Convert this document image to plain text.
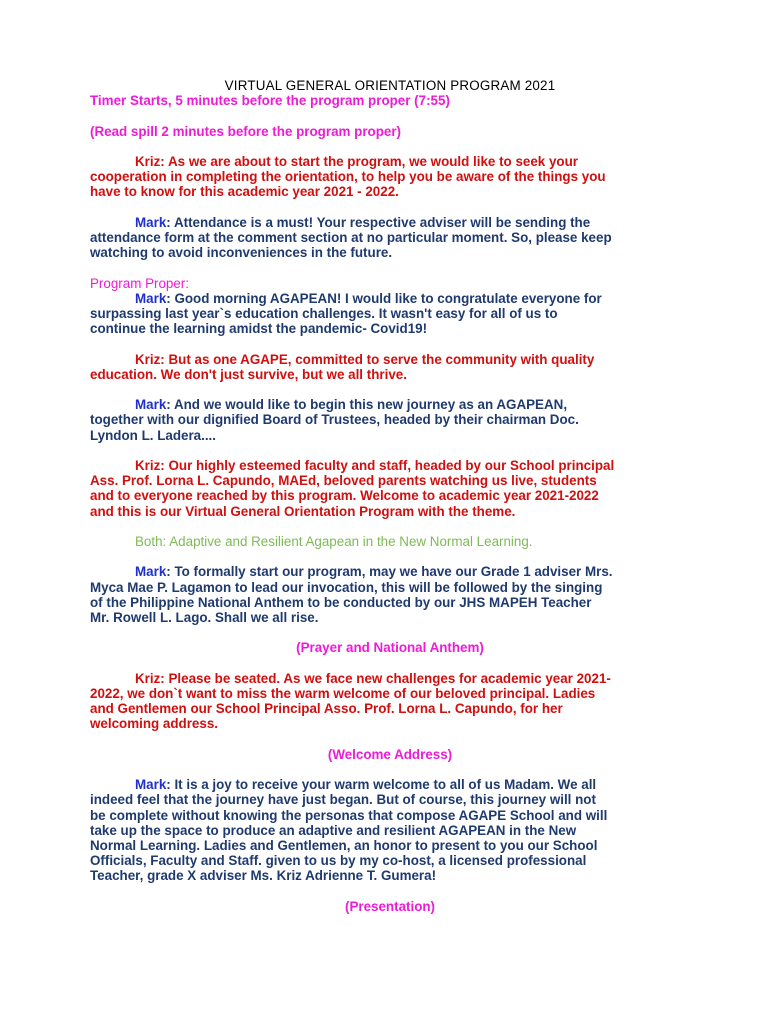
VIRTUAL GENERAL ORIENTATION PROGRAM 2021
Timer Starts, 5 minutes before the program proper (7:55)
(Read spill 2 minutes before the program proper)
Kriz: As we are about to start the program, we would like to seek your
cooperation in completing the orientation, to help you be aware of the things you
have to know for this academic year 2021 - 2022.
Mark: Attendance is a must! Your respective adviser will be sending the
attendance form at the comment section at no particular moment. So, please keep
watching to avoid inconveniences in the future.
Program Proper:
Mark: Good morning AGAPEAN! I would like to congratulate everyone for
surpassing last year`s education challenges. It wasn't easy for all of us to
continue the learning amidst the pandemic- Covid19!
Kriz: But as one AGAPE, committed to serve the community with quality
education. We don't just survive, but we all thrive.
Mark: And we would like to begin this new journey as an AGAPEAN,
together with our dignified Board of Trustees, headed by their chairman Doc.
Lyndon L. Ladera....
Kriz: Our highly esteemed faculty and staff, headed by our School principal
Ass. Prof. Lorna L. Capundo, MAEd, beloved parents watching us live, students
and to everyone reached by this program. Welcome to academic year 2021-2022
and this is our Virtual General Orientation Program with the theme.
Both: Adaptive and Resilient Agapean in the New Normal Learning.
Mark: To formally start our program, may we have our Grade 1 adviser Mrs.
Myca Mae P. Lagamon to lead our invocation, this will be followed by the singing
of the Philippine National Anthem to be conducted by our JHS MAPEH Teacher
Mr. Rowell L. Lago. Shall we all rise.
(Prayer and National Anthem)
Kriz: Please be seated. As we face new challenges for academic year 2021-
2022, we don`t want to miss the warm welcome of our beloved principal. Ladies
and Gentlemen our School Principal Asso. Prof. Lorna L. Capundo, for her
welcoming address.
(Welcome Address)
Mark: It is a joy to receive your warm welcome to all of us Madam. We all
indeed feel that the journey have just began. But of course, this journey will not
be complete without knowing the personas that compose AGAPE School and will
take up the space to produce an adaptive and resilient AGAPEAN in the New
Normal Learning. Ladies and Gentlemen, an honor to present to you our School
Officials, Faculty and Staff. given to us by my co-host, a licensed professional
Teacher, grade X adviser Ms. Kriz Adrienne T. Gumera!
(Presentation)
